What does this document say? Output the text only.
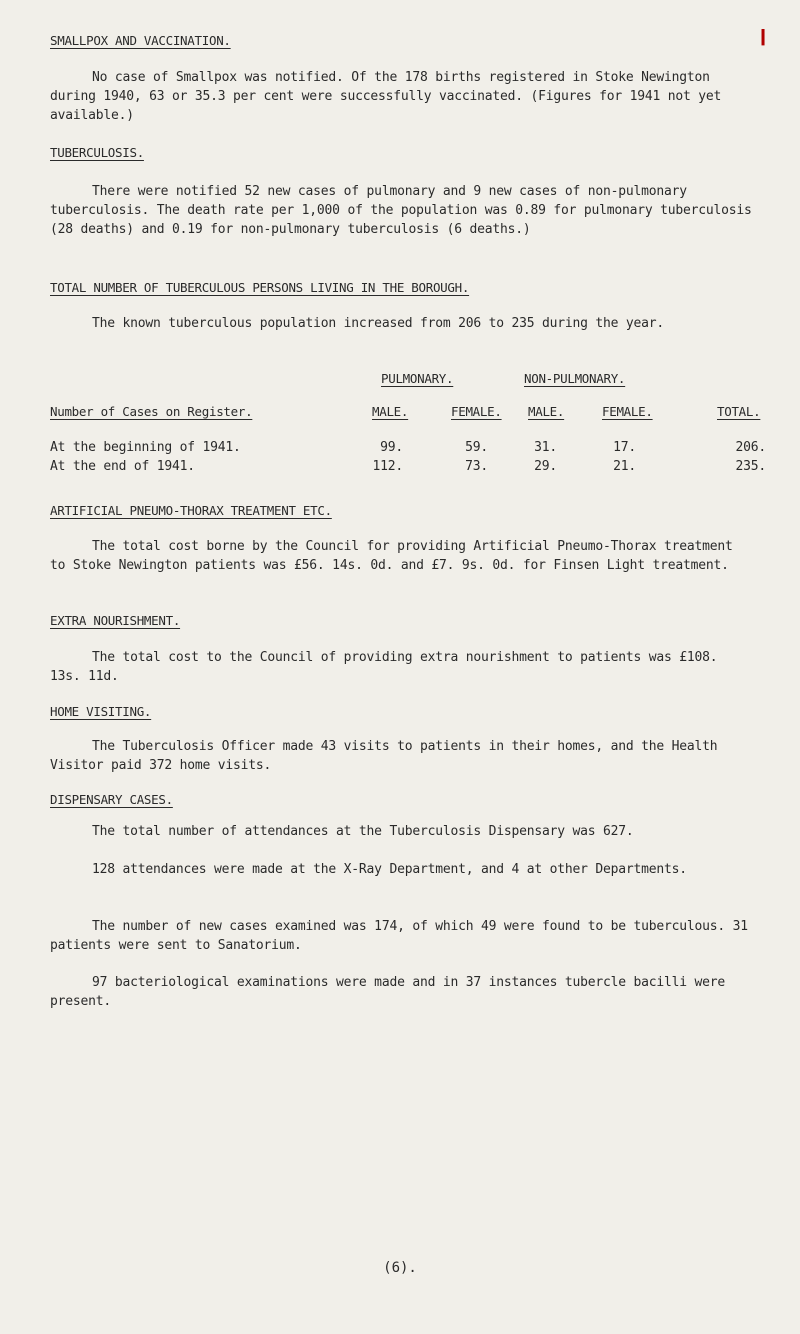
❙
SMALLPOX AND VACCINATION.

No case of Smallpox was notified. Of the 178 births registered in Stoke Newington during 1940, 63 or 35.3 per cent were successfully vaccinated. (Figures for 1941 not yet available.)

TUBERCULOSIS.

There were notified 52 new cases of pulmonary and 9 new cases of non-pulmonary tuberculosis. The death rate per 1,000 of the population was 0.89 for pulmonary tuberculosis (28 deaths) and 0.19 for non-pulmonary tuberculosis (6 deaths.)

TOTAL NUMBER OF TUBERCULOUS PERSONS LIVING IN THE BOROUGH.

The known tuberculous population increased from 206 to 235 during the year.

PULMONARY.	NON-PULMONARY.
Number of Cases on Register.	MALE.	FEMALE. MALE.	FEMALE.	TOTAL.
At the beginning of 1941.	99.	59.	31.	17.	206.
At the end of 1941.	112.	73.	29.	21.	235.
ARTIFICIAL PNEUMO-THORAX TREATMENT ETC.

The total cost borne by the Council for providing Artificial Pneumo-Thorax treatment to Stoke Newington patients was £56. 14s. 0d. and £7. 9s. 0d. for Finsen Light treatment.

EXTRA NOURISHMENT.

The total cost to the Council of providing extra nourishment to patients was £108. 13s. 11d.

HOME VISITING.

The Tuberculosis Officer made 43 visits to patients in their homes, and the Health Visitor paid 372 home visits.

DISPENSARY CASES.

The total number of attendances at the Tuberculosis Dispensary was 627.

128 attendances were made at the X-Ray Department, and 4 at other Departments.

The number of new cases examined was 174, of which 49 were found to be tuberculous. 31 patients were sent to Sanatorium.

97 bacteriological examinations were made and in 37 instances tubercle bacilli were present.

(6).
